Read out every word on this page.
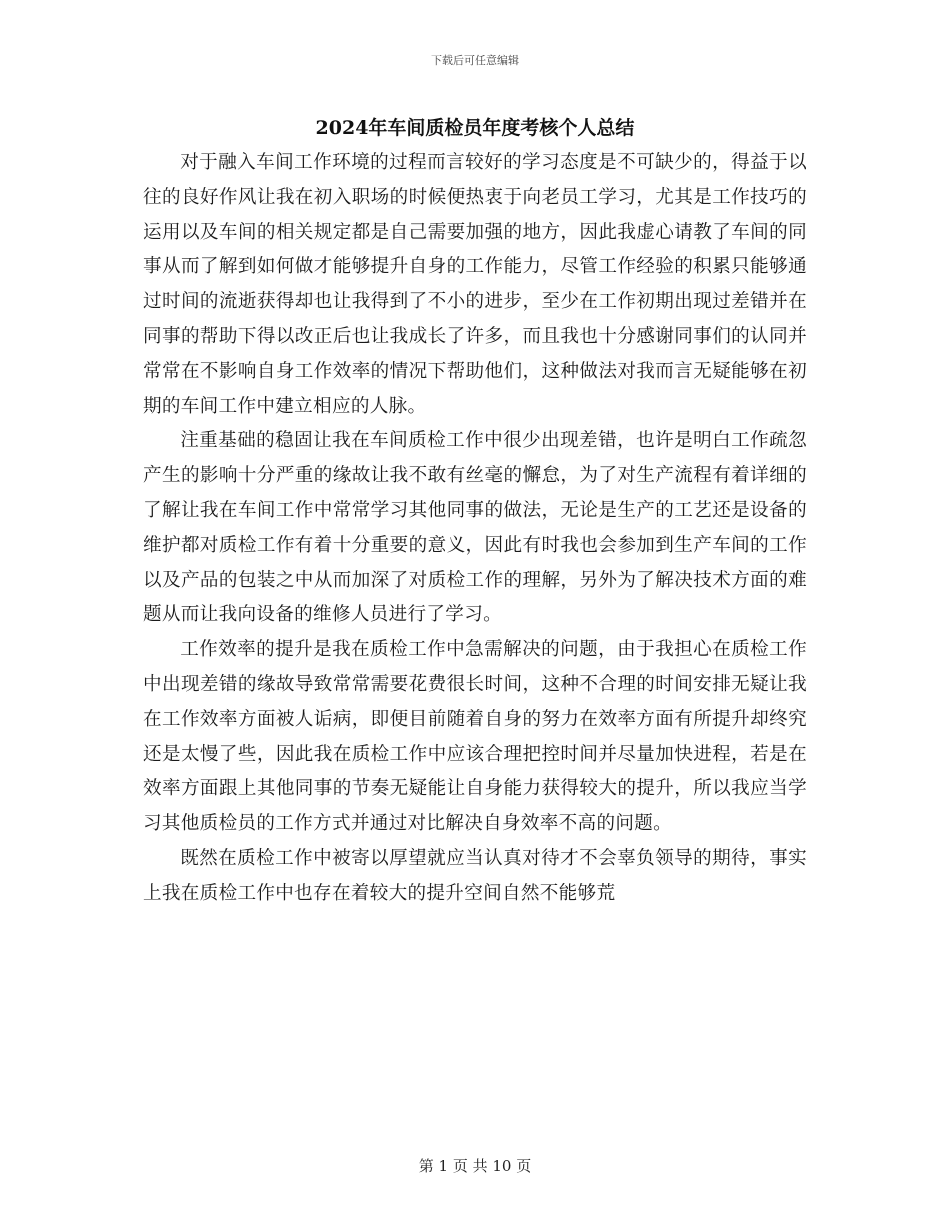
下载后可任意编辑
2024年车间质检员年度考核个人总结

对于融入车间工作环境的过程而言较好的学习态度是不可缺少的，得益于以往的良好作风让我在初入职场的时候便热衷于向老员工学习，尤其是工作技巧的运用以及车间的相关规定都是自己需要加强的地方，因此我虚心请教了车间的同事从而了解到如何做才能够提升自身的工作能力，尽管工作经验的积累只能够通过时间的流逝获得却也让我得到了不小的进步，至少在工作初期出现过差错并在同事的帮助下得以改正后也让我成长了许多，而且我也十分感谢同事们的认同并常常在不影响自身工作效率的情况下帮助他们，这种做法对我而言无疑能够在初期的车间工作中建立相应的人脉。

注重基础的稳固让我在车间质检工作中很少出现差错，也许是明白工作疏忽产生的影响十分严重的缘故让我不敢有丝毫的懈怠，为了对生产流程有着详细的了解让我在车间工作中常常学习其他同事的做法，无论是生产的工艺还是设备的维护都对质检工作有着十分重要的意义，因此有时我也会参加到生产车间的工作以及产品的包装之中从而加深了对质检工作的理解，另外为了解决技术方面的难题从而让我向设备的维修人员进行了学习。

工作效率的提升是我在质检工作中急需解决的问题，由于我担心在质检工作中出现差错的缘故导致常常需要花费很长时间，这种不合理的时间安排无疑让我在工作效率方面被人诟病，即便目前随着自身的努力在效率方面有所提升却终究还是太慢了些，因此我在质检工作中应该合理把控时间并尽量加快进程，若是在效率方面跟上其他同事的节奏无疑能让自身能力获得较大的提升，所以我应当学习其他质检员的工作方式并通过对比解决自身效率不高的问题。

既然在质检工作中被寄以厚望就应当认真对待才不会辜负领导的期待，事实上我在质检工作中也存在着较大的提升空间自然不能够荒

第 1 页 共 10 页
